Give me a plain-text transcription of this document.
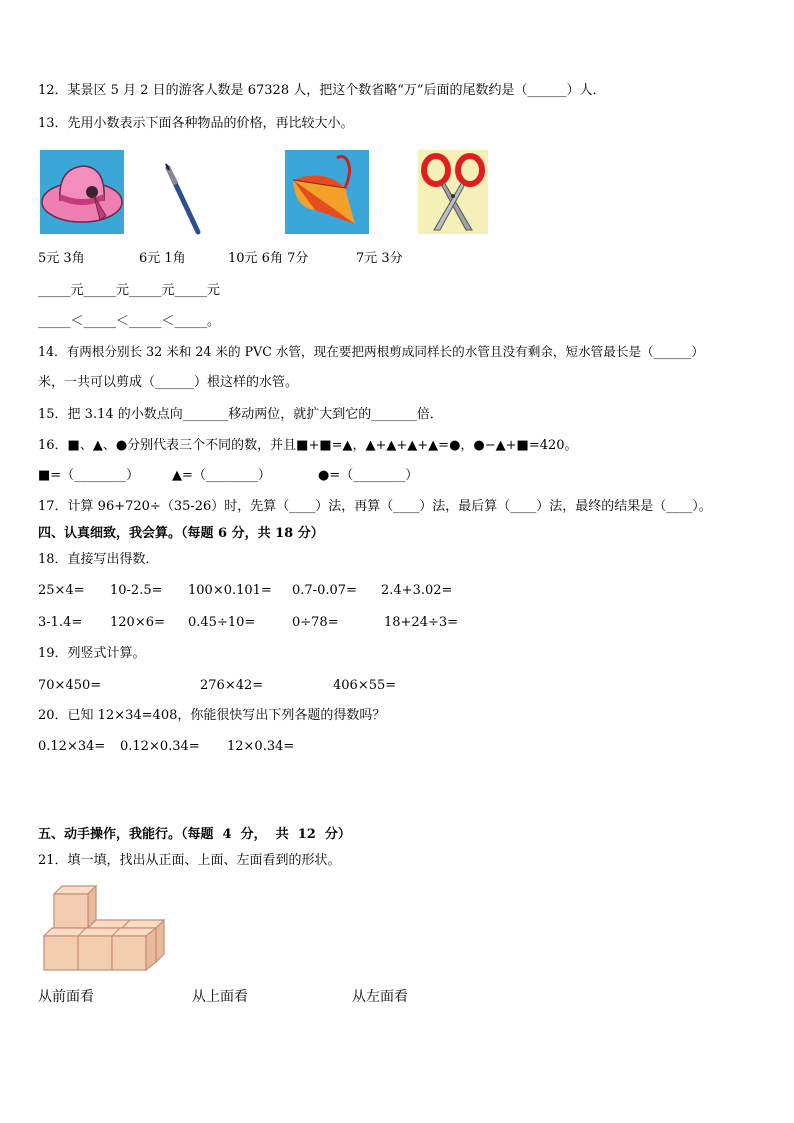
12．某景区 5 月 2 日的游客人数是 67328 人，把这个数省略“万”后面的尾数约是（______）人．
13．先用小数表示下面各种物品的价格，再比较大小。
5元 3角	6元 1角	10元 6角 7分	7元 3分
_____元_____元_____元_____元
_____＜_____＜_____＜_____。
14．有两根分别长 32 米和 24 米的 PVC 水管，现在要把两根剪成同样长的水管且没有剩余，短水管最长是（______）
米，一共可以剪成（______）根这样的水管。
15．把 3.14 的小数点向_______移动两位，就扩大到它的_______倍．
16．■、▲、●分别代表三个不同的数，并且■+■=▲，▲+▲+▲+▲=●，●−▲+■=420。
■=（________）	▲=（________）	●=（________）
17．计算 96+720÷（35-26）时，先算（____）法，再算（____）法，最后算（____）法，最终的结果是（____）。
四、认真细致，我会算。（每题 6 分，共 18 分）
18．直接写出得数．
25×4= 10-2.5= 100×0.101= 0.7-0.07= 2.4+3.02=
3-1.4= 120×6= 0.45÷10=	0÷78=	18+24÷3=
19．列竖式计算。
70×450=	276×42=	406×55=
20．已知 12×34=408，你能很快写出下列各题的得数吗？
0.12×34= 0.12×0.34= 12×0.34=
五、动手操作，我能行。（每题  4  分，  共  12  分）
21．填一填，找出从正面、上面、左面看到的形状。
从前面看	从上面看	从左面看
